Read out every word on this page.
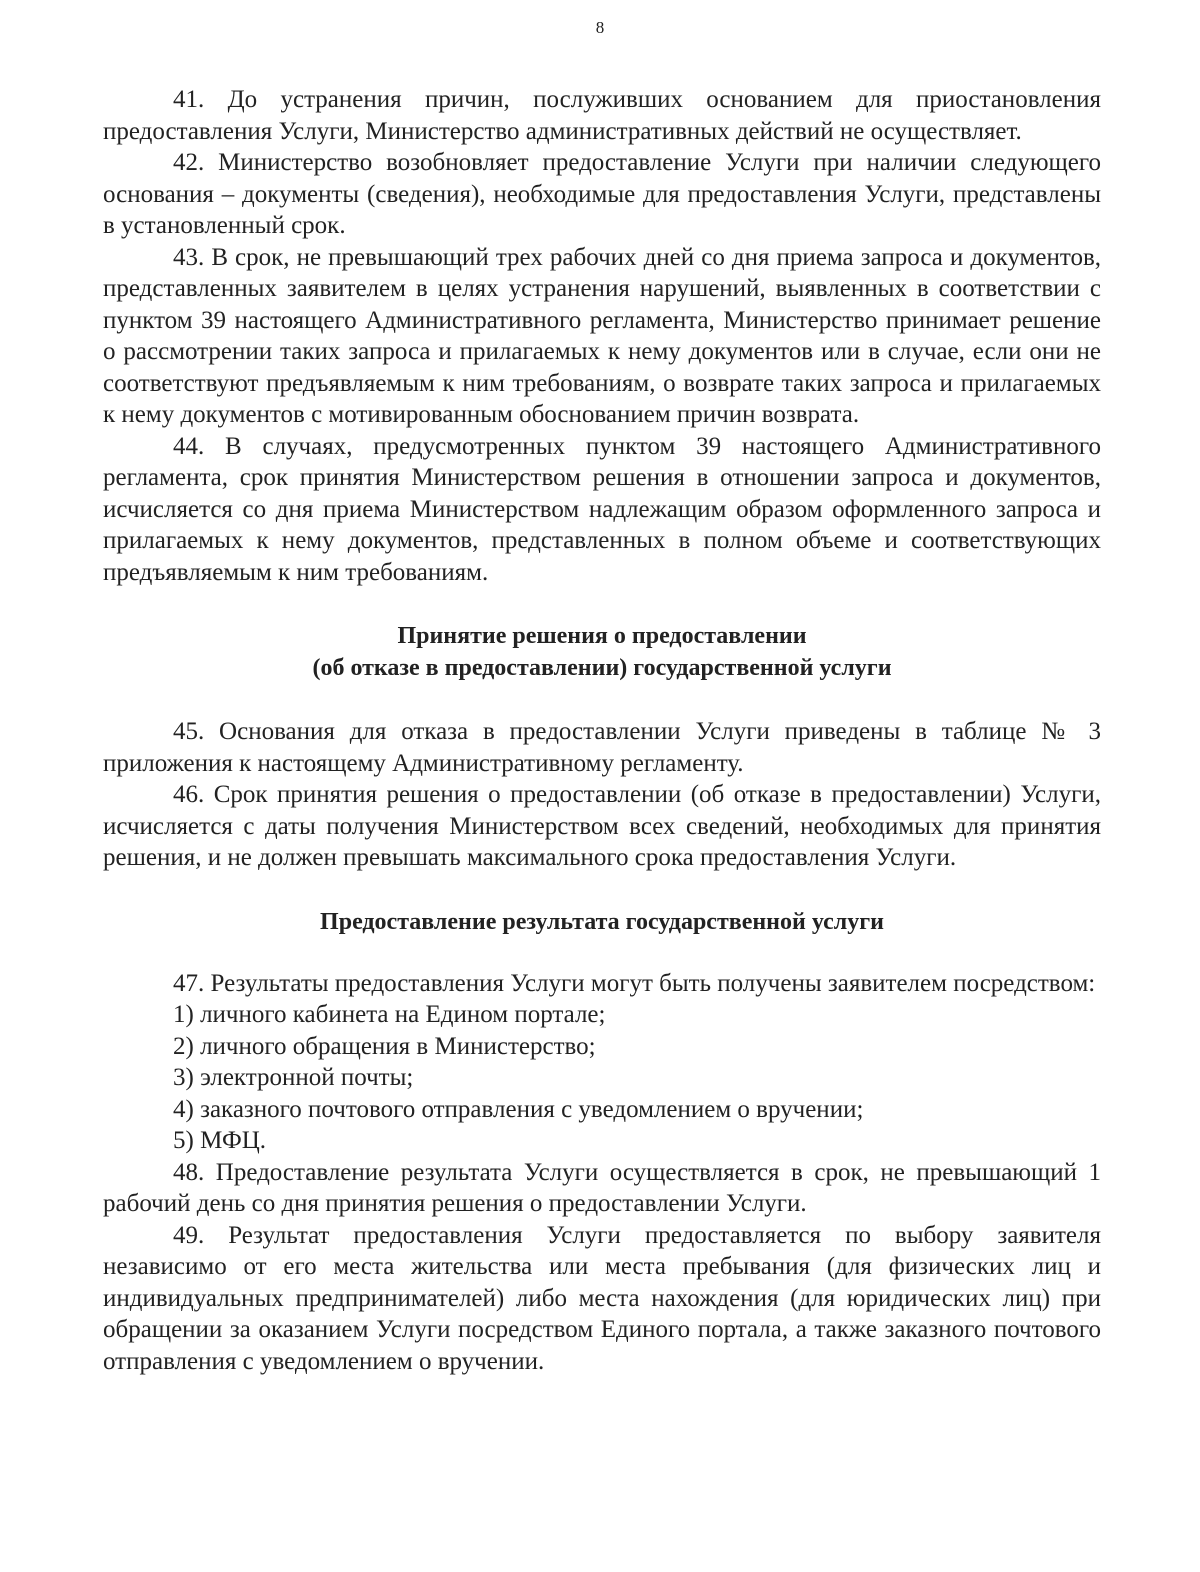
8

41. До устранения причин, послуживших основанием для приостановления предоставления Услуги, Министерство административных действий не осуществляет.

42. Министерство возобновляет предоставление Услуги при наличии следующего основания – документы (сведения), необходимые для предоставления Услуги, представлены в установленный срок.

43. В срок, не превышающий трех рабочих дней со дня приема запроса и документов, представленных заявителем в целях устранения нарушений, выявленных в соответствии с пунктом 39 настоящего Административного регламента, Министерство принимает решение о рассмотрении таких запроса и прилагаемых к нему документов или в случае, если они не соответствуют предъявляемым к ним требованиям, о возврате таких запроса и прилагаемых к нему документов с мотивированным обоснованием причин возврата.

44. В случаях, предусмотренных пунктом 39 настоящего Административного регламента, срок принятия Министерством решения в отношении запроса и документов, исчисляется со дня приема Министерством надлежащим образом оформленного запроса и прилагаемых к нему документов, представленных в полном объеме и соответствующих предъявляемым к ним требованиям.

Принятие решения о предоставлении
(об отказе в предоставлении) государственной услуги

45. Основания для отказа в предоставлении Услуги приведены в таблице № 3 приложения к настоящему Административному регламенту.

46. Срок принятия решения о предоставлении (об отказе в предоставлении) Услуги, исчисляется с даты получения Министерством всех сведений, необходимых для принятия решения, и не должен превышать максимального срока предоставления Услуги.

Предоставление результата государственной услуги

47. Результаты предоставления Услуги могут быть получены заявителем посредством:

1) личного кабинета на Едином портале;

2) личного обращения в Министерство;

3) электронной почты;

4) заказного почтового отправления с уведомлением о вручении;

5) МФЦ.

48. Предоставление результата Услуги осуществляется в срок, не превышающий 1 рабочий день со дня принятия решения о предоставлении Услуги.

49. Результат предоставления Услуги предоставляется по выбору заявителя независимо от его места жительства или места пребывания (для физических лиц и индивидуальных предпринимателей) либо места нахождения (для юридических лиц) при обращении за оказанием Услуги посредством Единого портала, а также заказного почтового отправления с уведомлением о вручении.
